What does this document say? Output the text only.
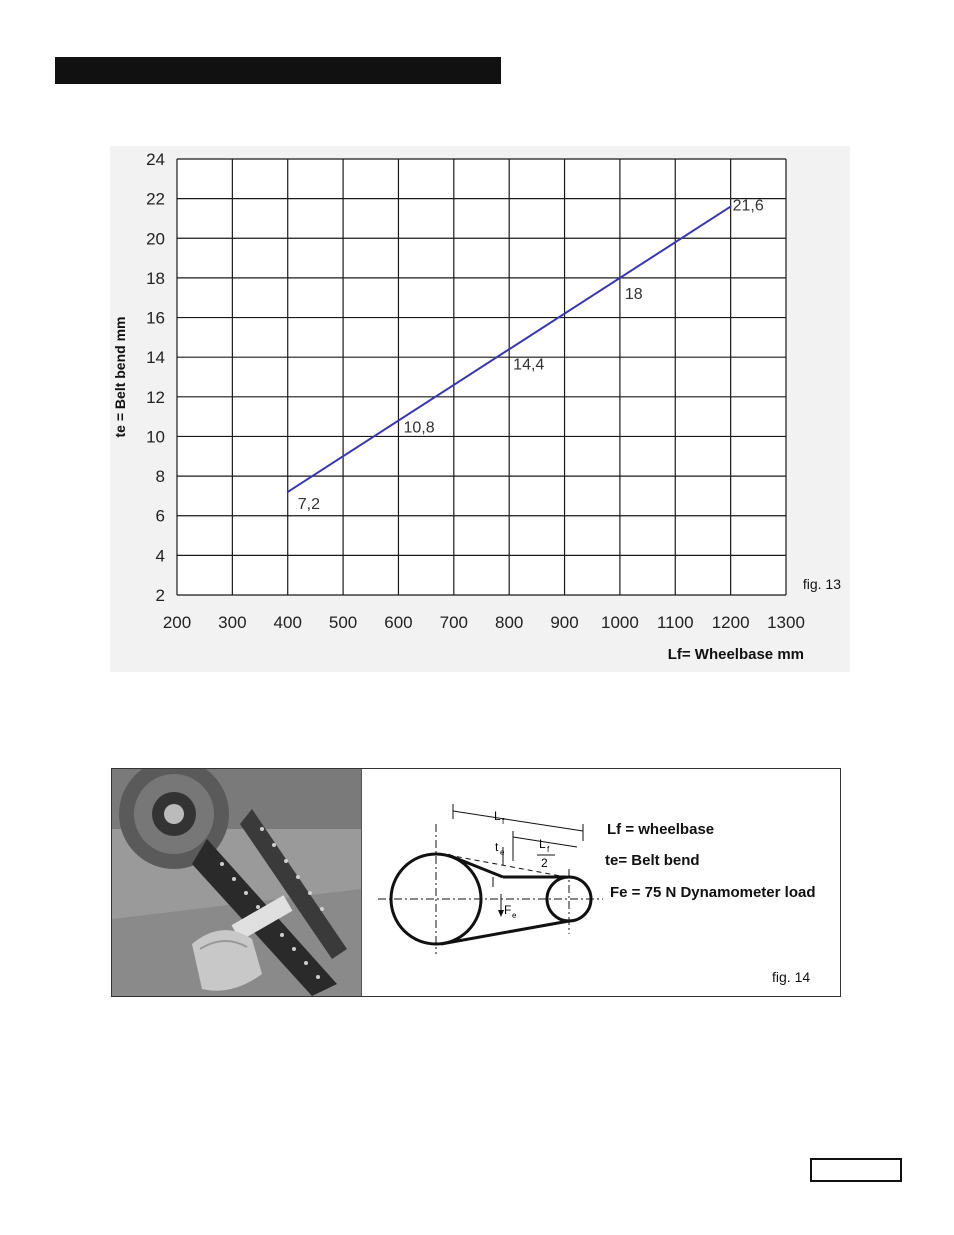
200 300 400 500 600 700 800 900 1000 1100 1200 1300
2
4
6
8
10
12
14
16
18
20
22
24
7,2
10,8
14,4
18
21,6
te = Belt bend mm
Lf= Wheelbase mm
fig. 13
L f
t e
L f
2
F e
Lf = wheelbase
te= Belt bend
Fe = 75 N Dynamometer load
fig. 14
